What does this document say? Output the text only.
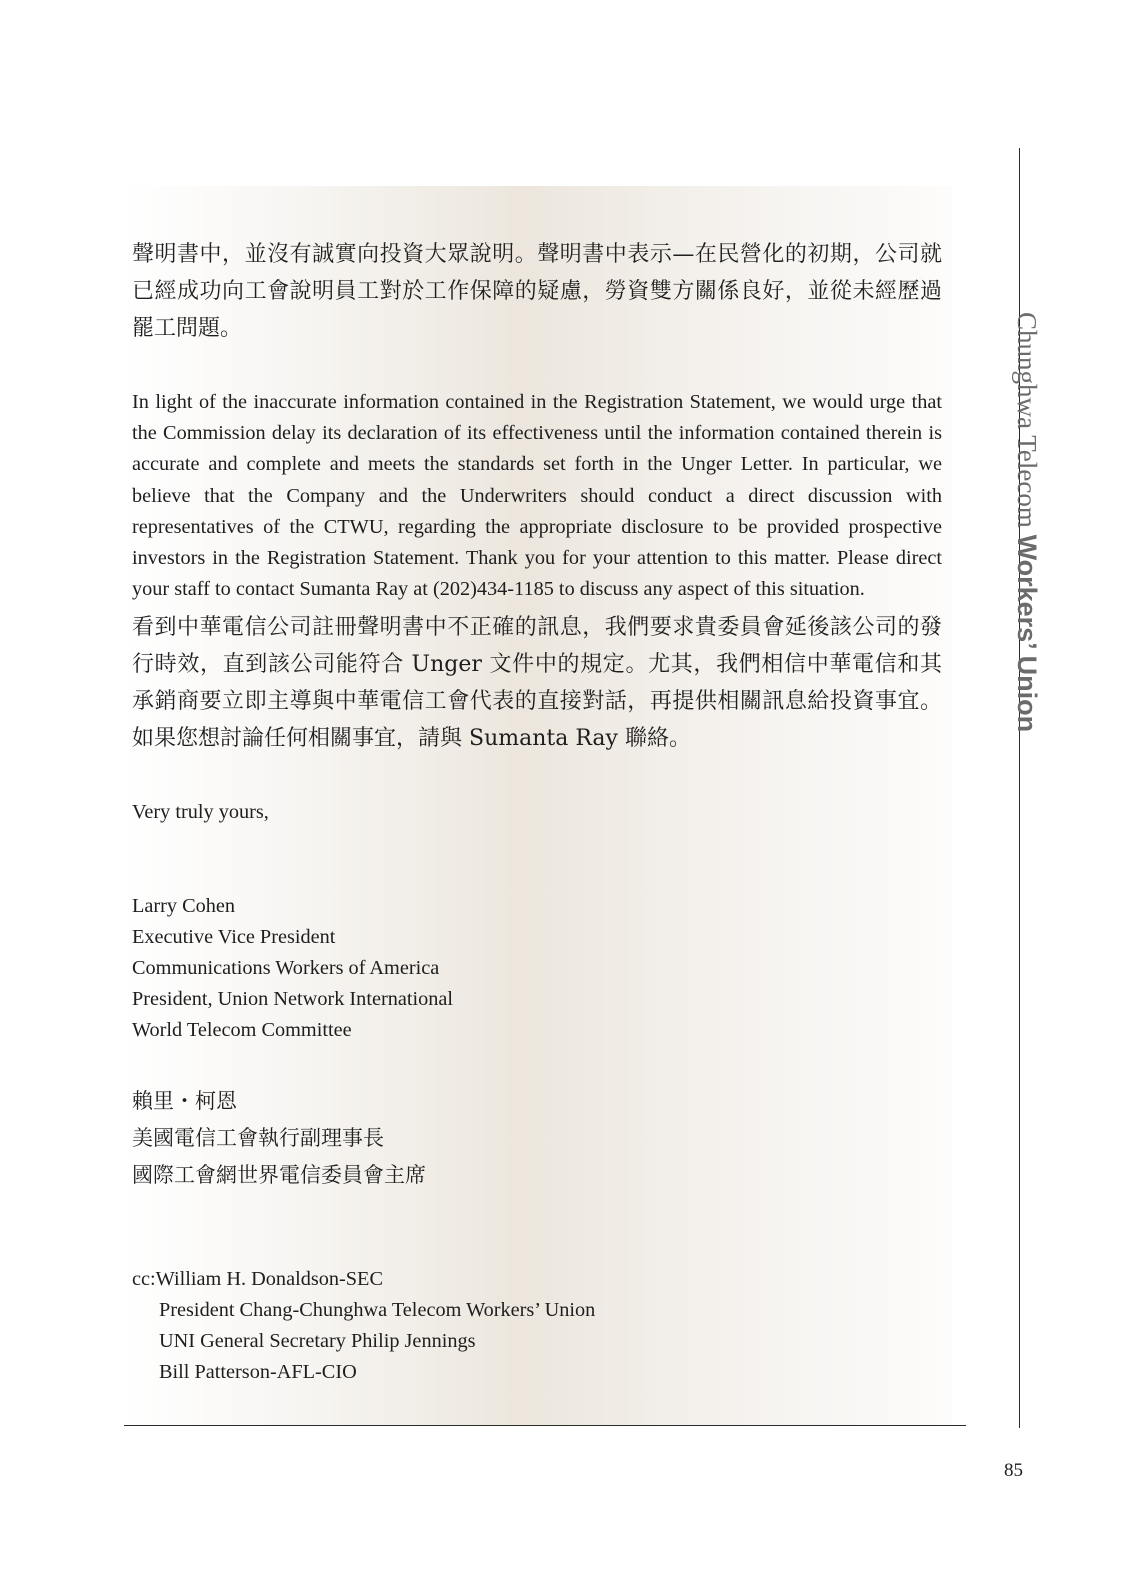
Chunghwa Telecom Workers’ Union

聲明書中，並沒有誠實向投資大眾說明。聲明書中表示—在民營化的初期，公司就已經成功向工會說明員工對於工作保障的疑慮，勞資雙方關係良好，並從未經歷過罷工問題。

In light of the inaccurate information contained in the Registration Statement, we would urge that the Commission delay its declaration of its effectiveness until the information contained therein is accurate and complete and meets the standards set forth in the Unger Letter. In particular, we believe that the Company and the Underwriters should conduct a direct discussion with representatives of the CTWU, regarding the appropriate disclosure to be provided prospective investors in the Registration Statement. Thank you for your attention to this matter. Please direct your staff to contact Sumanta Ray at (202)434-1185 to discuss any aspect of this situation.

看到中華電信公司註冊聲明書中不正確的訊息，我們要求貴委員會延後該公司的發行時效，直到該公司能符合 Unger 文件中的規定。尤其，我們相信中華電信和其承銷商要立即主導與中華電信工會代表的直接對話，再提供相關訊息給投資事宜。如果您想討論任何相關事宜，請與 Sumanta Ray 聯絡。

Very truly yours,

Larry Cohen

Executive Vice President

Communications Workers of America

President, Union Network International

World Telecom Committee

賴里・柯恩

美國電信工會執行副理事長

國際工會網世界電信委員會主席

cc:William H. Donaldson-SEC

President Chang-Chunghwa Telecom Workers’ Union

UNI General Secretary Philip Jennings

Bill Patterson-AFL-CIO

85
